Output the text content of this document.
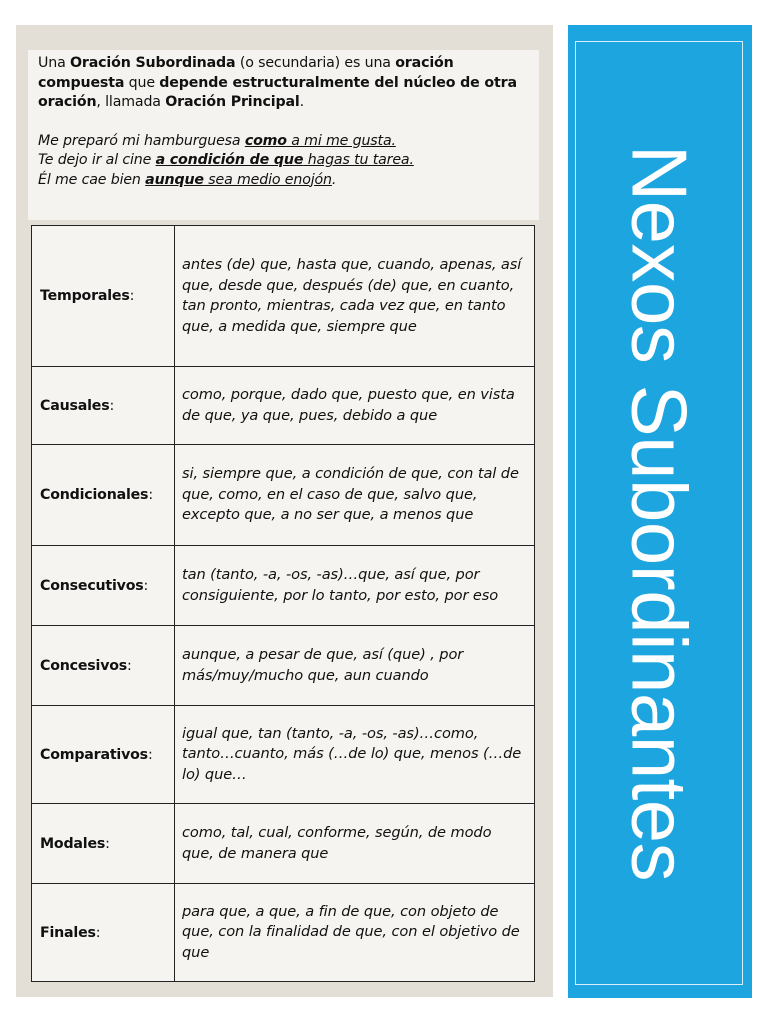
Una Oración Subordinada (o secundaria) es una oración compuesta que depende estructuralmente del núcleo de otra oración, llamada Oración Principal.

Me preparó mi hamburguesa como a mi me gusta.

Te dejo ir al cine a condición de que hagas tu tarea.

Él me cae bien aunque sea medio enojón.

Temporales:	antes (de) que, hasta que, cuando, apenas, así que, desde que, después (de) que, en cuanto, tan pronto, mientras, cada vez que, en tanto que, a medida que, siempre que
Causales:	como, porque, dado que, puesto que, en vista de que, ya que, pues, debido a que
Condicionales:	si, siempre que, a condición de que, con tal de que, como, en el caso de que, salvo que, excepto que, a no ser que, a menos que
Consecutivos:	tan (tanto, -a, -os, -as)…que, así que, por consiguiente, por lo tanto, por esto, por eso
Concesivos:	aunque, a pesar de que, así (que) , por más/muy/mucho que, aun cuando
Comparativos:	igual que, tan (tanto, -a, -os, -as)…como, tanto…cuanto, más (…de lo) que, menos (…de lo) que…
Modales:	como, tal, cual, conforme, según, de modo que, de manera que
Finales:	para que, a que, a fin de que, con objeto de que, con la finalidad de que, con el objetivo de que
Nexos Subordinantes
